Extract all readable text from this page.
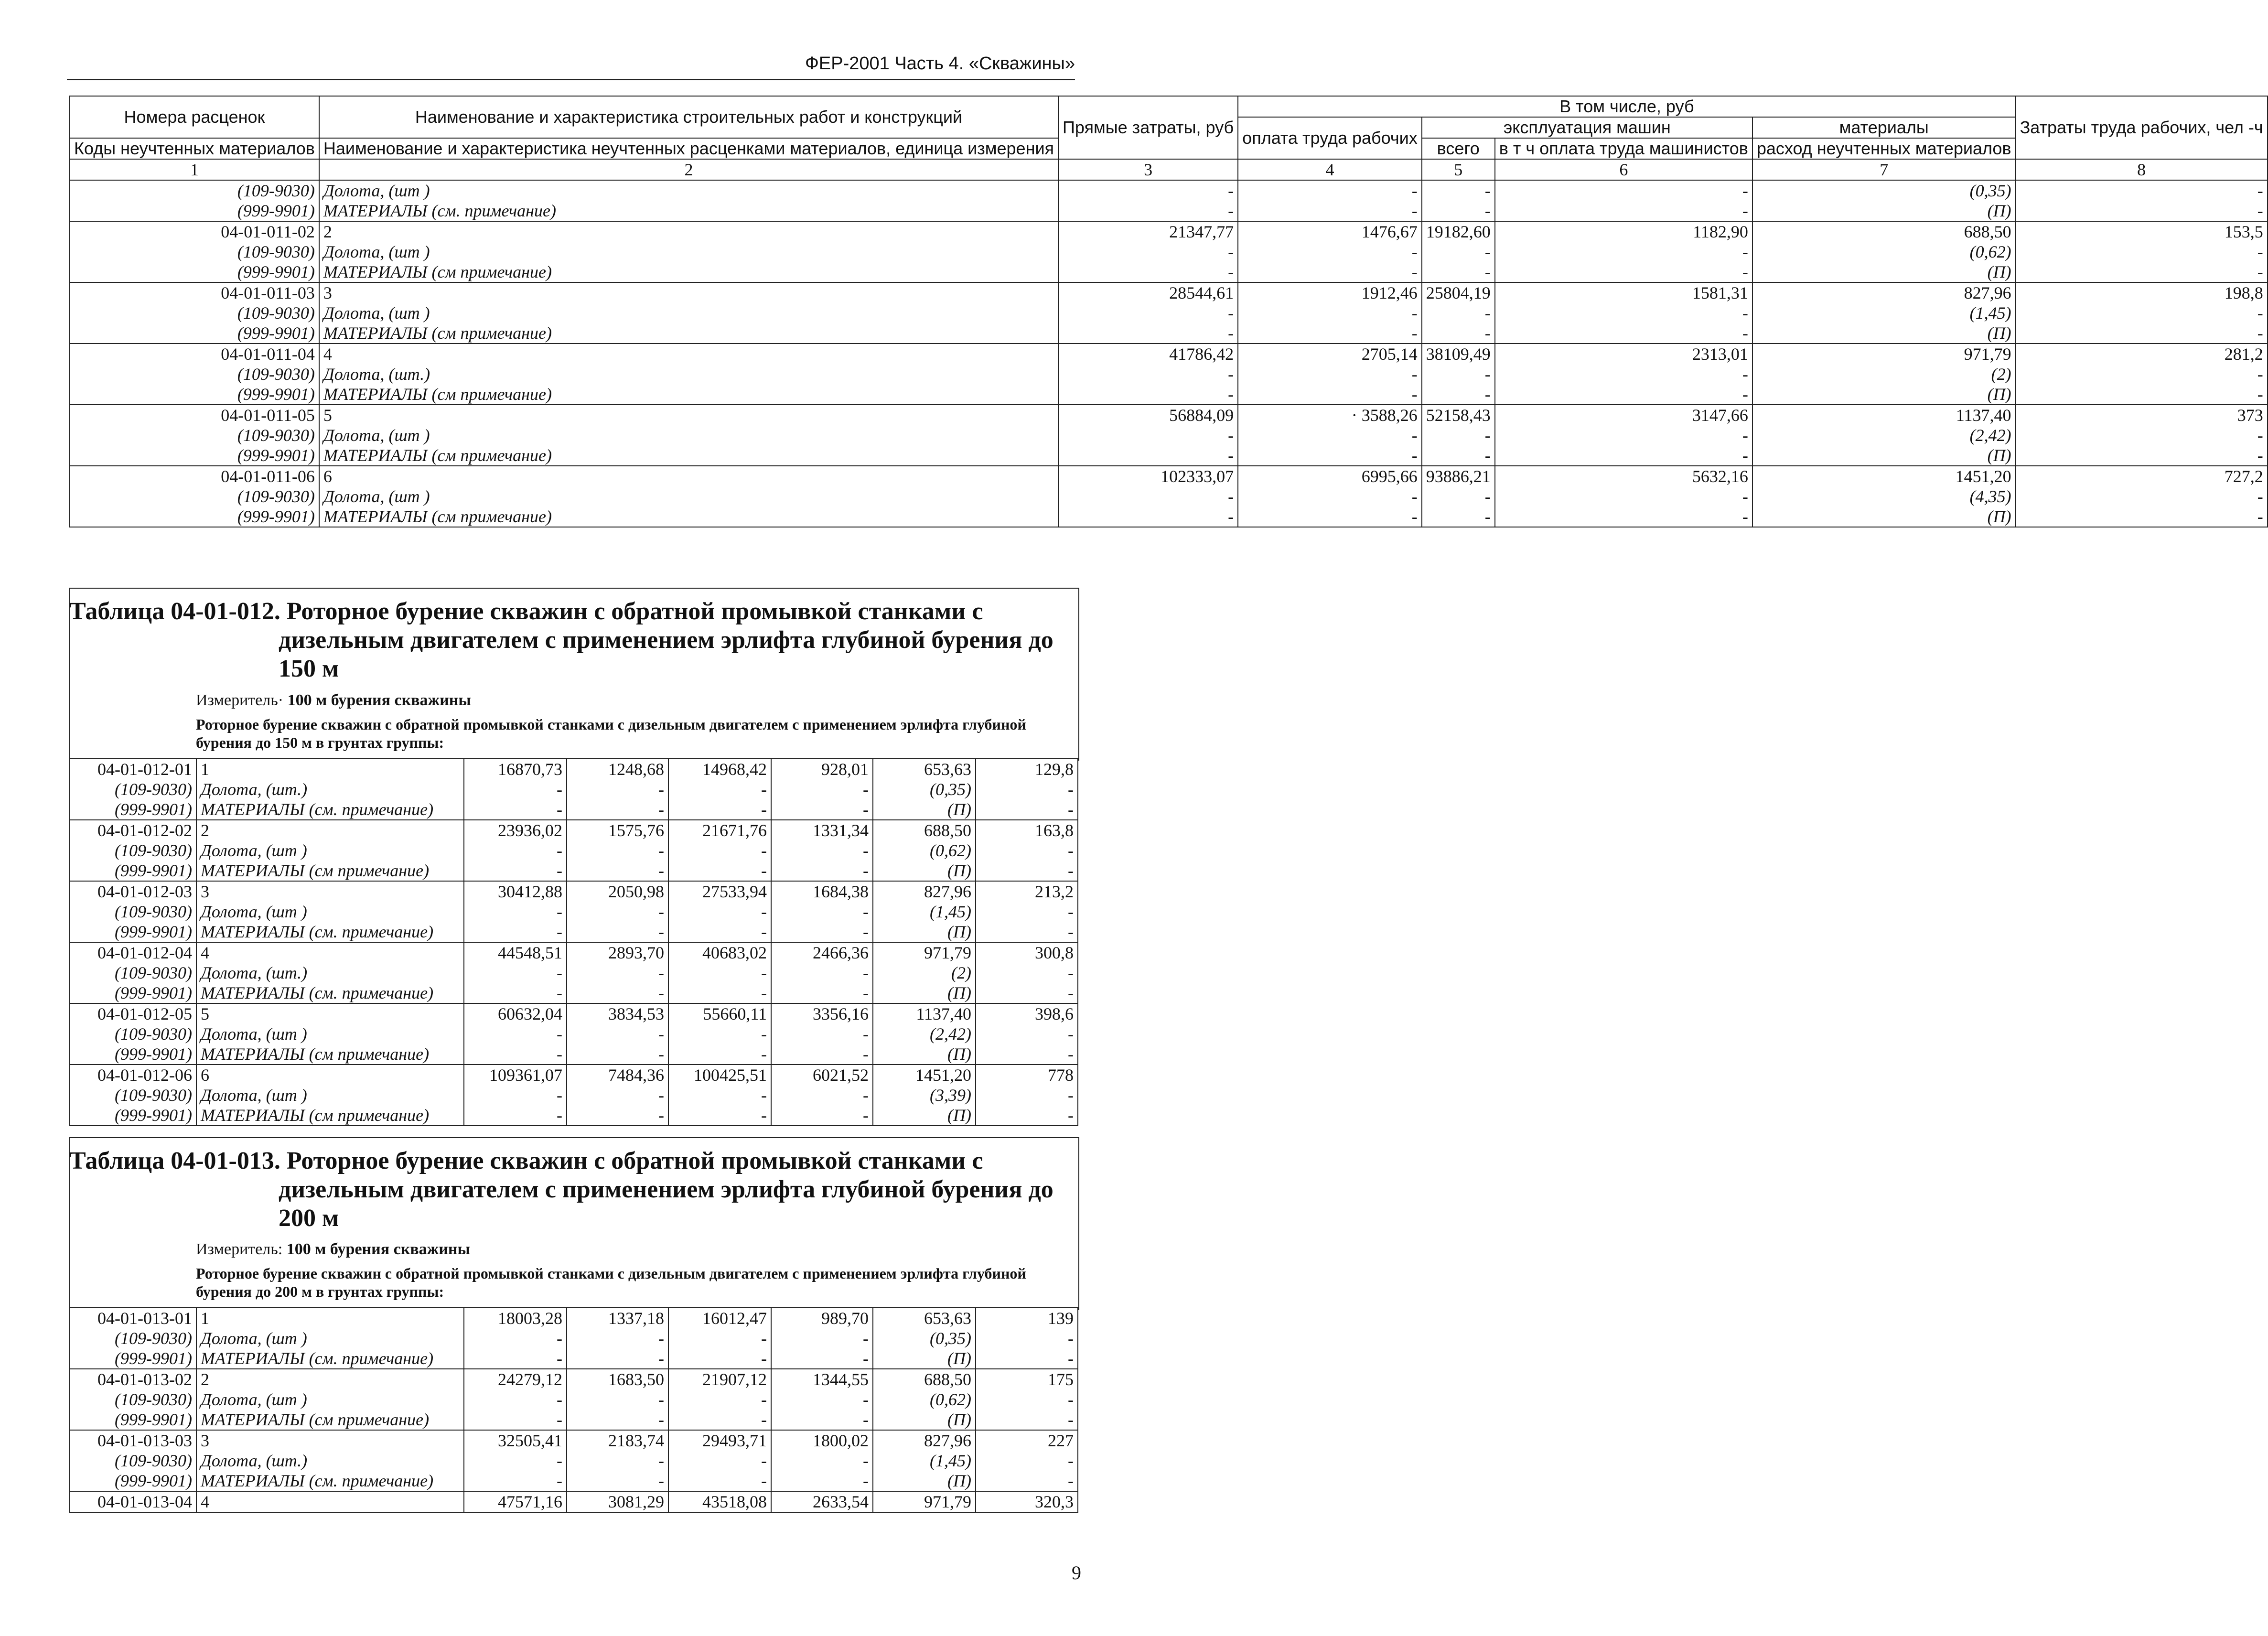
ФЕР-2001 Часть 4. «Скважины»
Номера расценок	Наименование и характеристика строительных работ и конструкций	Прямые затраты, руб	В том числе, руб				Затраты труда рабочих, чел -ч
			оплата труда рабочих	эксплуатация машин		материалы	
Коды неучтенных материалов	Наименование и характеристика неучтенных расценками материалов, единица измерения			всего	в т ч оплата труда машинистов	расход неучтенных материалов	

1	2	3	4	5	6	7	8
(109-9030)	Долота, (шт )	-	-	-	-	(0,35)	-
(999-9901)	МАТЕРИАЛЫ (см. примечание)	-	-	-	-	(П)	-
04-01-011-02	2	21347,77	1476,67	19182,60	1182,90	688,50	153,5
(109-9030)	Долота, (шт )	-	-	-	-	(0,62)	-
(999-9901)	МАТЕРИАЛЫ (см примечание)	-	-	-	-	(П)	-
04-01-011-03	3	28544,61	1912,46	25804,19	1581,31	827,96	198,8
(109-9030)	Долота, (шт )	-	-	-	-	(1,45)	-
(999-9901)	МАТЕРИАЛЫ (см примечание)	-	-	-	-	(П)	-
04-01-011-04	4	41786,42	2705,14	38109,49	2313,01	971,79	281,2
(109-9030)	Долота, (шт.)	-	-	-	-	(2)	-
(999-9901)	МАТЕРИАЛЫ (см примечание)	-	-	-	-	(П)	-
04-01-011-05	5	56884,09	· 3588,26	52158,43	3147,66	1137,40	373
(109-9030)	Долота, (шт )	-	-	-	-	(2,42)	-
(999-9901)	МАТЕРИАЛЫ (см примечание)	-	-	-	-	(П)	-
04-01-011-06	6	102333,07	6995,66	93886,21	5632,16	1451,20	727,2
(109-9030)	Долота, (шт )	-	-	-	-	(4,35)	-
(999-9901)	МАТЕРИАЛЫ (см примечание)	-	-	-	-	(П)	-

Таблица 04-01-012. Роторное бурение скважин с обратной промывкой станками с
дизельным двигателем с применением эрлифта глубиной бурения до 150 м
Измеритель· 100 м бурения скважины
Роторное бурение скважин с обратной промывкой станками с дизельным двигателем с применением эрлифта глубиной бурения до 150 м в грунтах группы:
04-01-012-01	1	16870,73	1248,68	14968,42	928,01	653,63	129,8
(109-9030)	Долота, (шт.)	-	-	-	-	(0,35)	-
(999-9901)	МАТЕРИАЛЫ (см. примечание)	-	-	-	-	(П)	-
04-01-012-02	2	23936,02	1575,76	21671,76	1331,34	688,50	163,8
(109-9030)	Долота, (шт )	-	-	-	-	(0,62)	-
(999-9901)	МАТЕРИАЛЫ (см примечание)	-	-	-	-	(П)	-
04-01-012-03	3	30412,88	2050,98	27533,94	1684,38	827,96	213,2
(109-9030)	Долота, (шт )	-	-	-	-	(1,45)	-
(999-9901)	МАТЕРИАЛЫ (см. примечание)	-	-	-	-	(П)	-
04-01-012-04	4	44548,51	2893,70	40683,02	2466,36	971,79	300,8
(109-9030)	Долота, (шт.)	-	-	-	-	(2)	-
(999-9901)	МАТЕРИАЛЫ (см. примечание)	-	-	-	-	(П)	-
04-01-012-05	5	60632,04	3834,53	55660,11	3356,16	1137,40	398,6
(109-9030)	Долота, (шт )	-	-	-	-	(2,42)	-
(999-9901)	МАТЕРИАЛЫ (см примечание)	-	-	-	-	(П)	-
04-01-012-06	6	109361,07	7484,36	100425,51	6021,52	1451,20	778
(109-9030)	Долота, (шт )	-	-	-	-	(3,39)	-
(999-9901)	МАТЕРИАЛЫ (см примечание)	-	-	-	-	(П)	-

Таблица 04-01-013. Роторное бурение скважин с обратной промывкой станками с
дизельным двигателем с применением эрлифта глубиной бурения до 200 м
Измеритель: 100 м бурения скважины
Роторное бурение скважин с обратной промывкой станками с дизельным двигателем с применением эрлифта глубиной бурения до 200 м в грунтах группы:
04-01-013-01	1	18003,28	1337,18	16012,47	989,70	653,63	139
(109-9030)	Долота, (шт )	-	-	-	-	(0,35)	-
(999-9901)	МАТЕРИАЛЫ (см. примечание)	-	-	-	-	(П)	-
04-01-013-02	2	24279,12	1683,50	21907,12	1344,55	688,50	175
(109-9030)	Долота, (шт )	-	-	-	-	(0,62)	-
(999-9901)	МАТЕРИАЛЫ (см примечание)	-	-	-	-	(П)	-
04-01-013-03	3	32505,41	2183,74	29493,71	1800,02	827,96	227
(109-9030)	Долота, (шт.)	-	-	-	-	(1,45)	-
(999-9901)	МАТЕРИАЛЫ (см. примечание)	-	-	-	-	(П)	-
04-01-013-04	4	47571,16	3081,29	43518,08	2633,54	971,79	320,3

9
